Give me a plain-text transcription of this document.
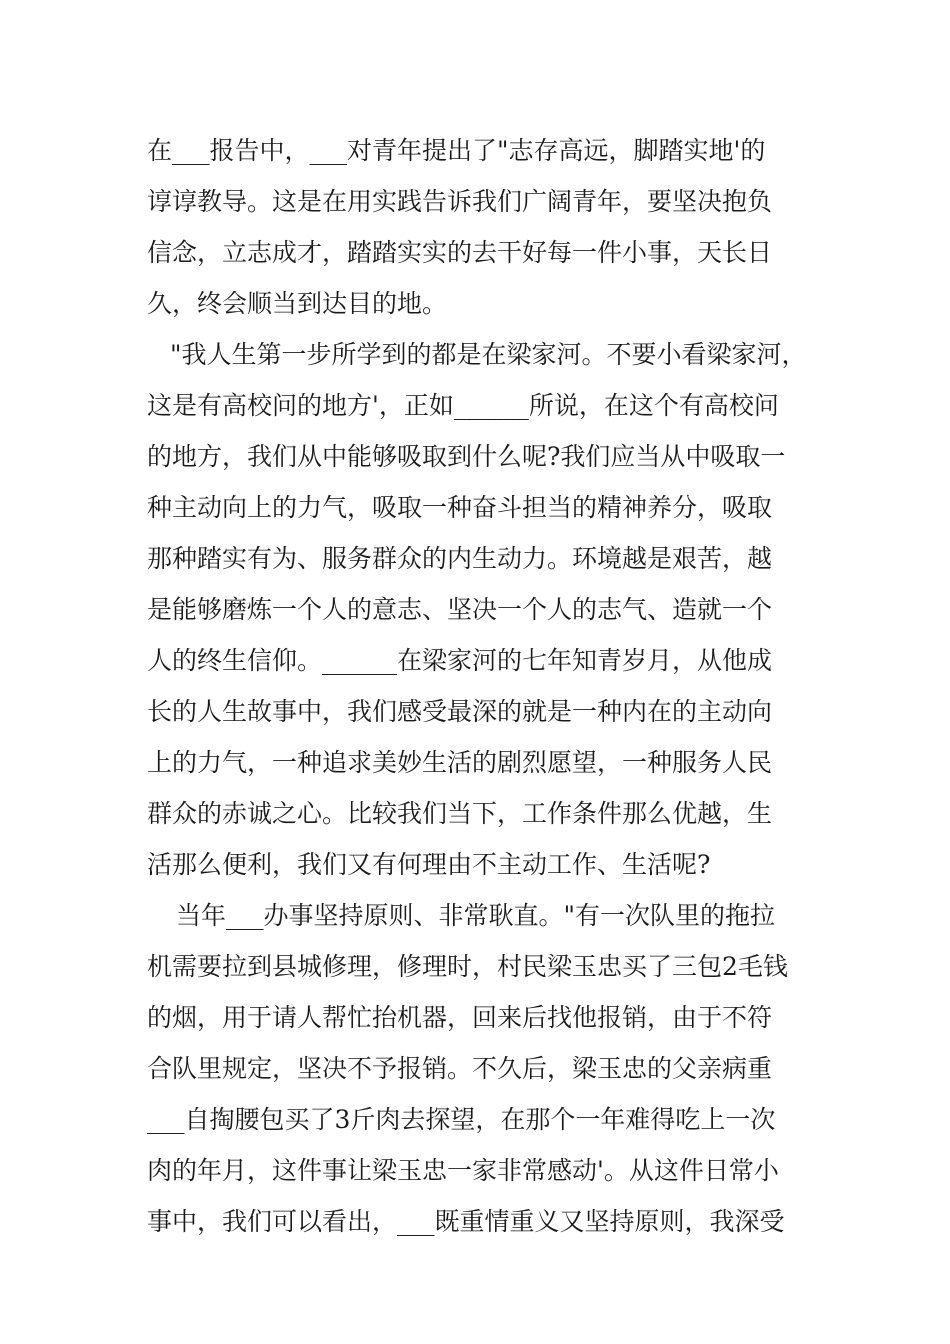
在___报告中，___对青年提出了"志存高远，脚踏实地'的
谆谆教导。这是在用实践告诉我们广阔青年，要坚决抱负
信念，立志成才，踏踏实实的去干好每一件小事，天长日
久，终会顺当到达目的地。
"我人生第一步所学到的都是在梁家河。不要小看梁家河，
这是有高校问的地方'，正如______所说，在这个有高校问
的地方，我们从中能够吸取到什么呢?我们应当从中吸取一
种主动向上的力气，吸取一种奋斗担当的精神养分，吸取
那种踏实有为、服务群众的内生动力。环境越是艰苦，越
是能够磨炼一个人的意志、坚决一个人的志气、造就一个
人的终生信仰。______在梁家河的七年知青岁月，从他成
长的人生故事中，我们感受最深的就是一种内在的主动向
上的力气，一种追求美妙生活的剧烈愿望，一种服务人民
群众的赤诚之心。比较我们当下，工作条件那么优越，生
活那么便利，我们又有何理由不主动工作、生活呢?
当年___办事坚持原则、非常耿直。"有一次队里的拖拉
机需要拉到县城修理，修理时，村民梁玉忠买了三包2毛钱
的烟，用于请人帮忙抬机器，回来后找他报销，由于不符
合队里规定，坚决不予报销。不久后，梁玉忠的父亲病重
___自掏腰包买了3斤肉去探望，在那个一年难得吃上一次
肉的年月，这件事让梁玉忠一家非常感动'。从这件日常小
事中，我们可以看出，___既重情重义又坚持原则，我深受
